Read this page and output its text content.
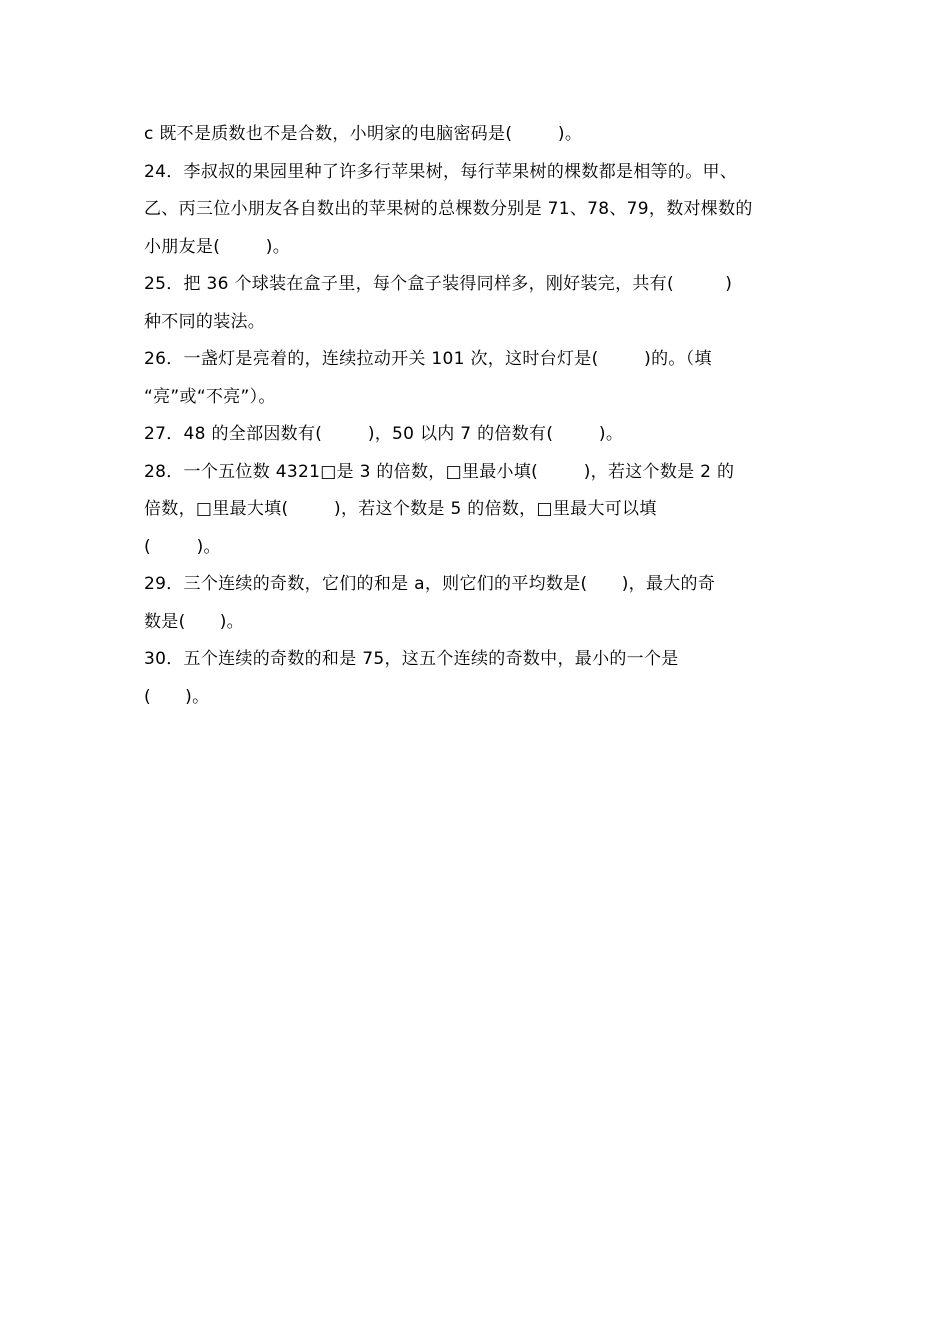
c 既不是质数也不是合数，小明家的电脑密码是(        )。
24．李叔叔的果园里种了许多行苹果树，每行苹果树的棵数都是相等的。甲、
乙、丙三位小朋友各自数出的苹果树的总棵数分别是 71、78、79，数对棵数的
小朋友是(        )。
25．把 36 个球装在盒子里，每个盒子装得同样多，刚好装完，共有(         )
种不同的装法。
26．一盏灯是亮着的，连续拉动开关 101 次，这时台灯是(        )的。（填
“亮”或“不亮”）。
27．48 的全部因数有(        )，50 以内 7 的倍数有(        )。
28．一个五位数 4321□是 3 的倍数，□里最小填(        )，若这个数是 2 的
倍数，□里最大填(        )，若这个数是 5 的倍数，□里最大可以填
(        )。
29．三个连续的奇数，它们的和是 a，则它们的平均数是(      )，最大的奇
数是(      )。
30．五个连续的奇数的和是 75，这五个连续的奇数中，最小的一个是
(      )。
